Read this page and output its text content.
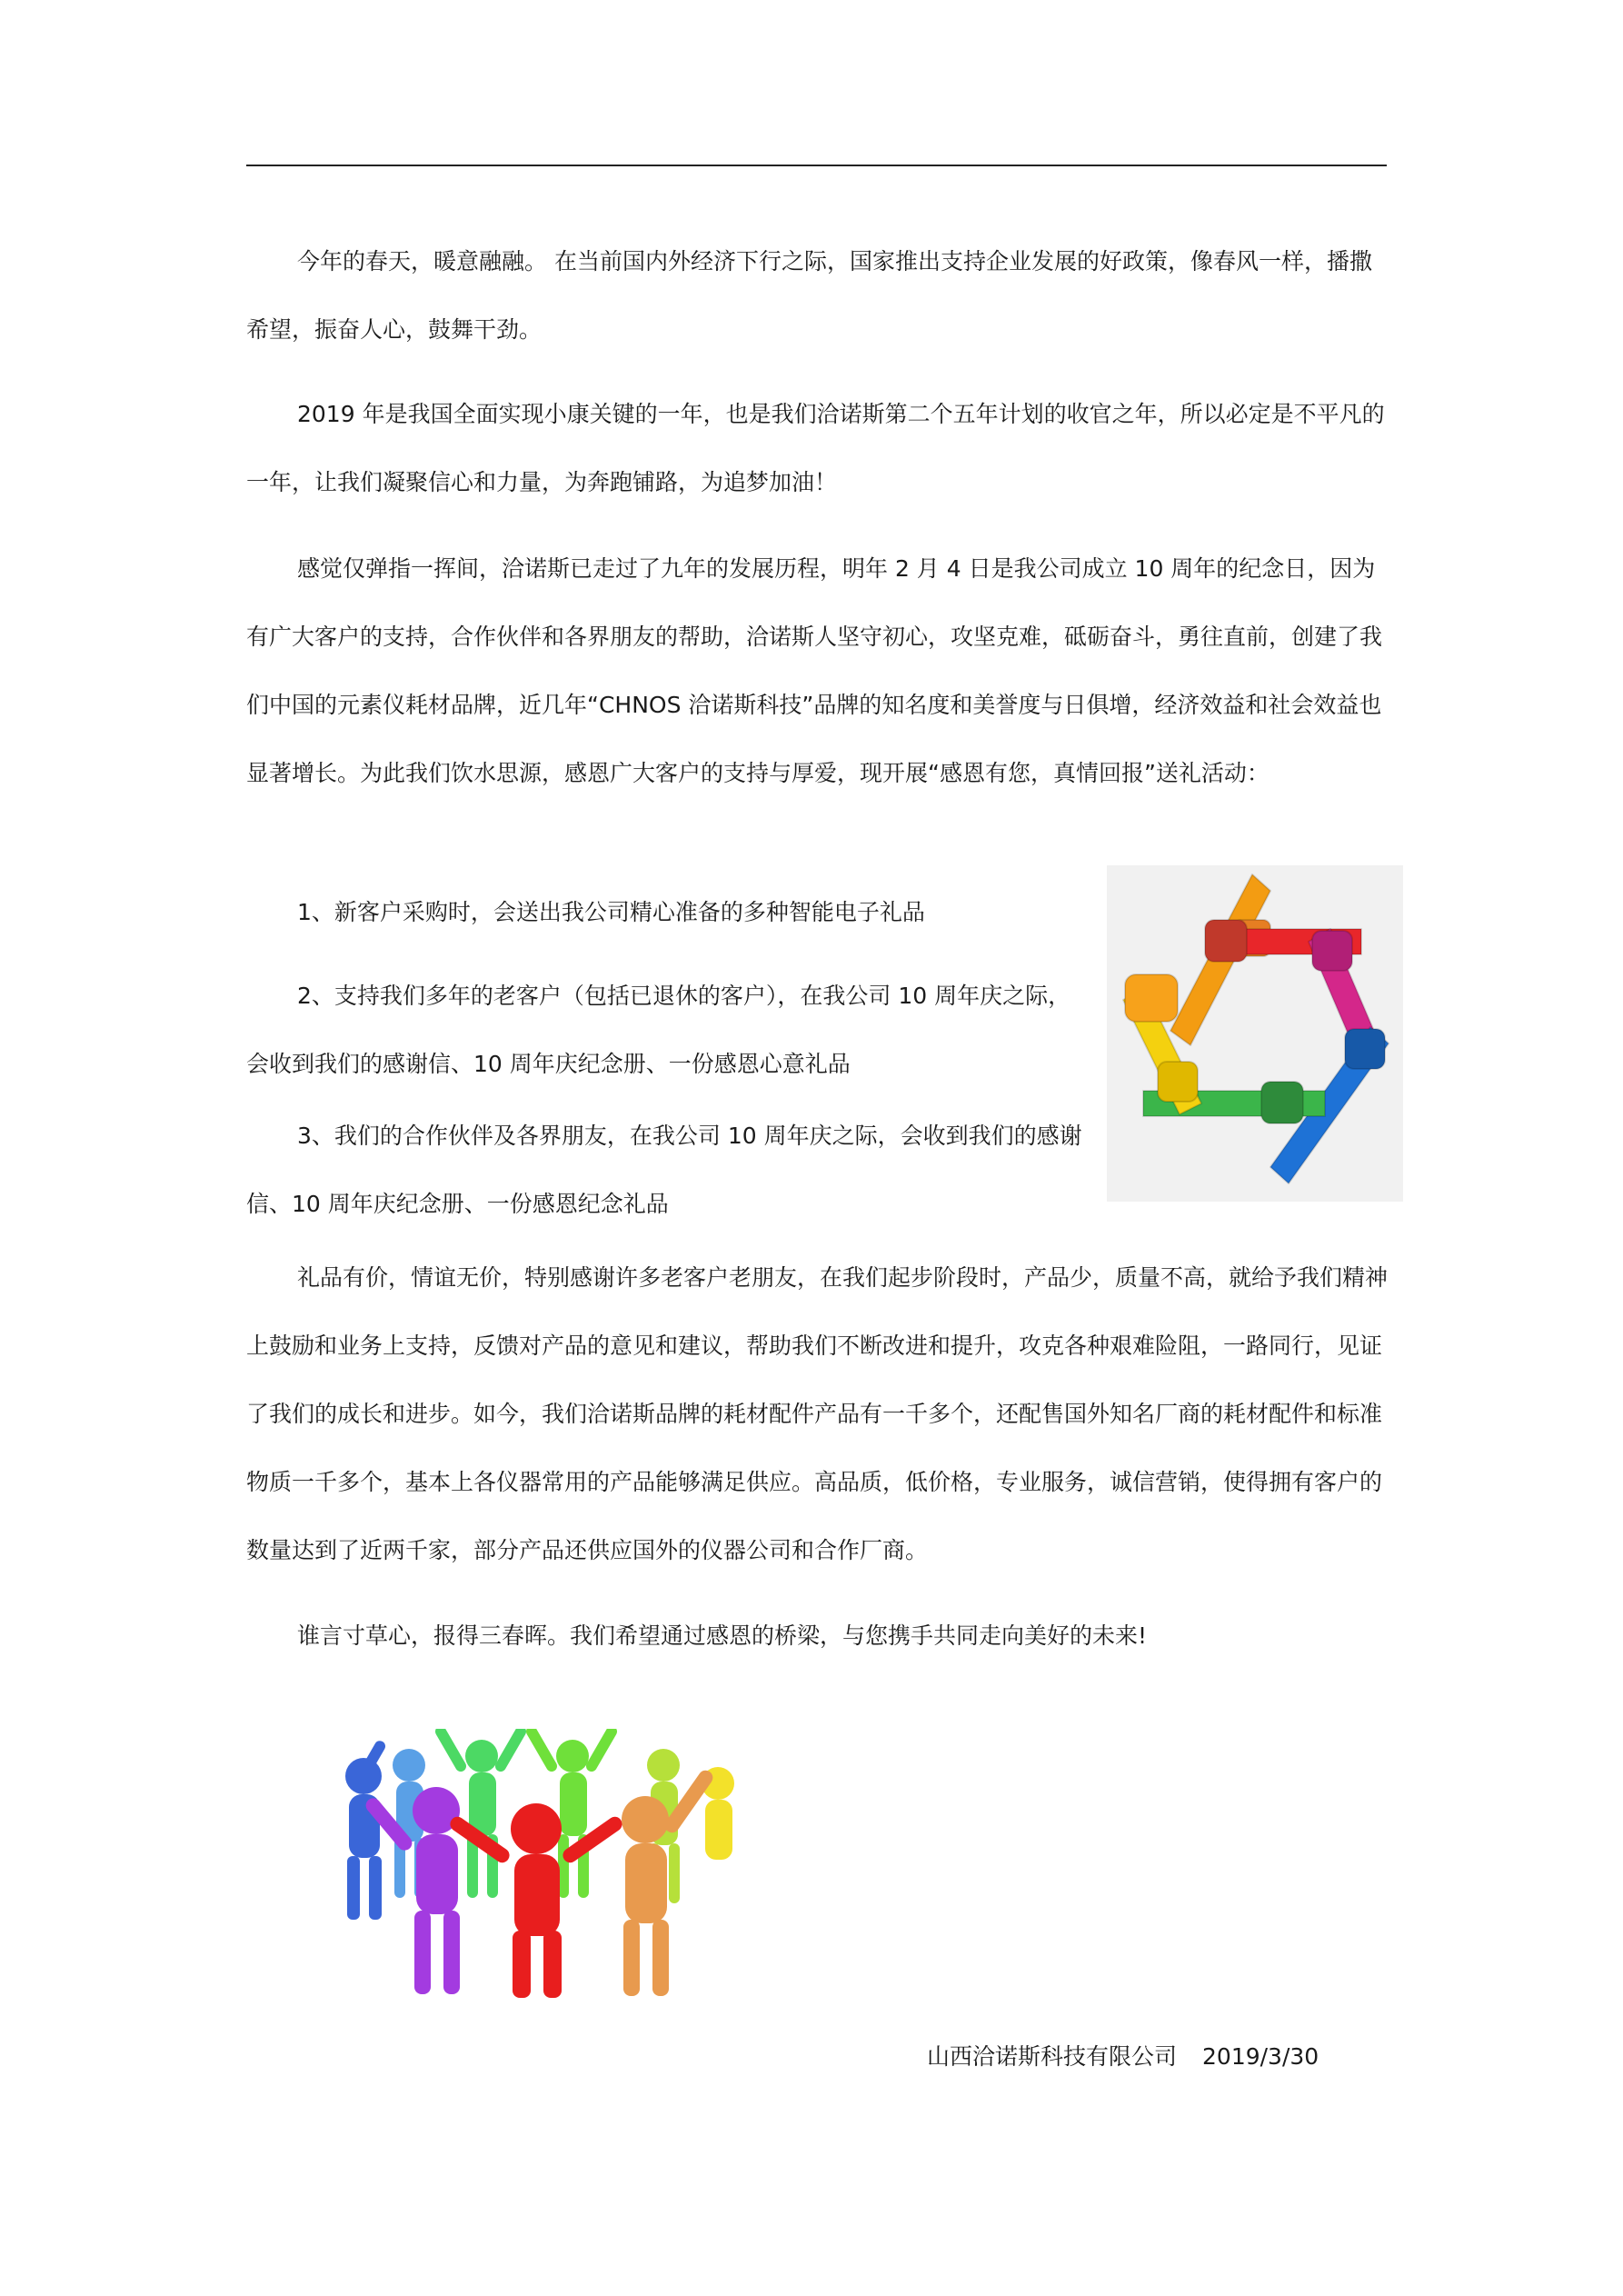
今年的春天，暖意融融。 在当前国内外经济下行之际，国家推出支持企业发展的好政策，像春风一样，播撒希望，振奋人心，鼓舞干劲。

2019 年是我国全面实现小康关键的一年，也是我们洽诺斯第二个五年计划的收官之年，所以必定是不平凡的一年，让我们凝聚信心和力量，为奔跑铺路，为追梦加油！

感觉仅弹指一挥间，洽诺斯已走过了九年的发展历程，明年 2 月 4 日是我公司成立 10 周年的纪念日，因为有广大客户的支持，合作伙伴和各界朋友的帮助，洽诺斯人坚守初心，攻坚克难，砥砺奋斗，勇往直前，创建了我们中国的元素仪耗材品牌，近几年“CHNOS 洽诺斯科技”品牌的知名度和美誉度与日俱增，经济效益和社会效益也显著增长。为此我们饮水思源，感恩广大客户的支持与厚爱，现开展“感恩有您，真情回报”送礼活动：

1、新客户采购时，会送出我公司精心准备的多种智能电子礼品

2、支持我们多年的老客户（包括已退休的客户），在我公司 10 周年庆之际，会收到我们的感谢信、10 周年庆纪念册、一份感恩心意礼品

3、我们的合作伙伴及各界朋友，在我公司 10 周年庆之际，会收到我们的感谢信、10 周年庆纪念册、一份感恩纪念礼品

礼品有价，情谊无价，特别感谢许多老客户老朋友，在我们起步阶段时，产品少，质量不高，就给予我们精神上鼓励和业务上支持，反馈对产品的意见和建议，帮助我们不断改进和提升，攻克各种艰难险阻，一路同行，见证了我们的成长和进步。如今，我们洽诺斯品牌的耗材配件产品有一千多个，还配售国外知名厂商的耗材配件和标准物质一千多个，基本上各仪器常用的产品能够满足供应。高品质，低价格，专业服务，诚信营销，使得拥有客户的数量达到了近两千家，部分产品还供应国外的仪器公司和合作厂商。

谁言寸草心，报得三春晖。我们希望通过感恩的桥梁，与您携手共同走向美好的未来!

山西洽诺斯科技有限公司 2019/3/30
